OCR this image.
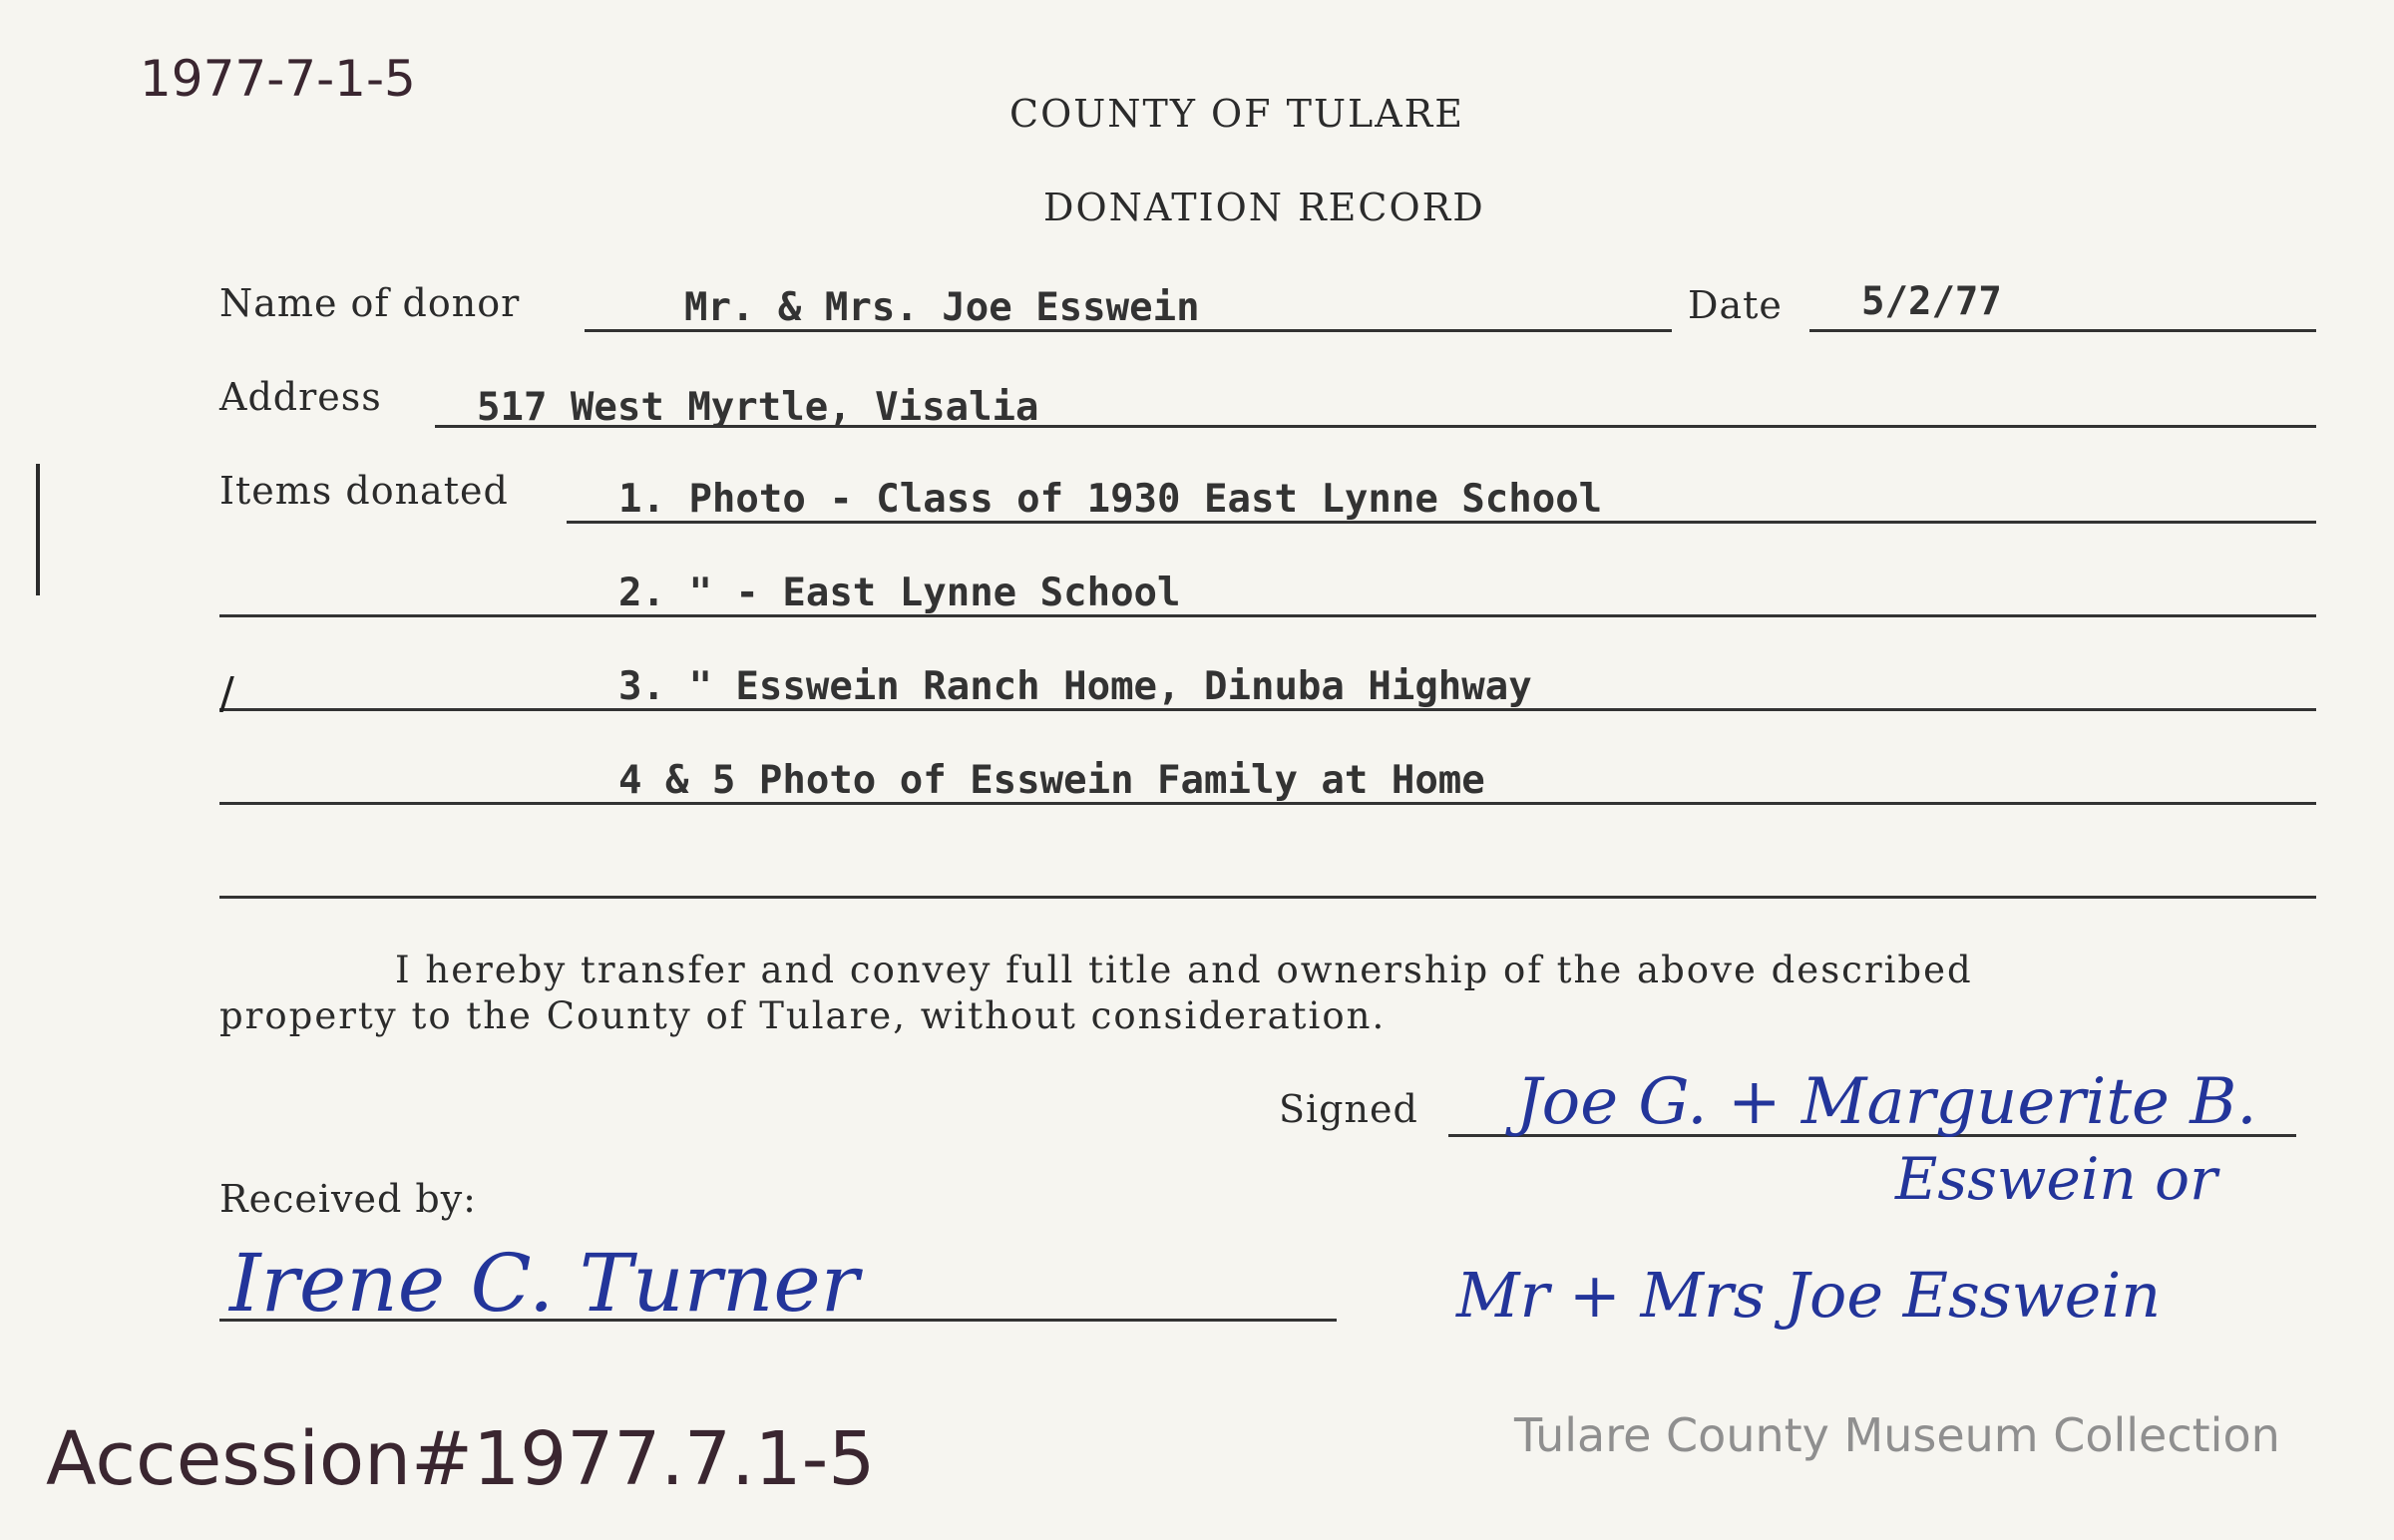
1977-7-1-5
COUNTY OF TULARE
DONATION RECORD
Name of donor	Mr. & Mrs. Joe Esswein	Date 5/2/77
Address 517 West Myrtle, Visalia
Items donated	1. Photo - Class of 1930 East Lynne School
2. " - East Lynne School
/	3. " Esswein Ranch Home, Dinuba Highway
4 & 5 Photo of Esswein Family at Home
I hereby transfer and convey full title and ownership of the above described
property to the County of Tulare, without consideration.
Signed Joe G. + Marguerite B.
Esswein or
Mr + Mrs Joe Esswein
Received by:
Irene C. Turner
Accession#1977.7.1-5	Tulare County Museum Collection
